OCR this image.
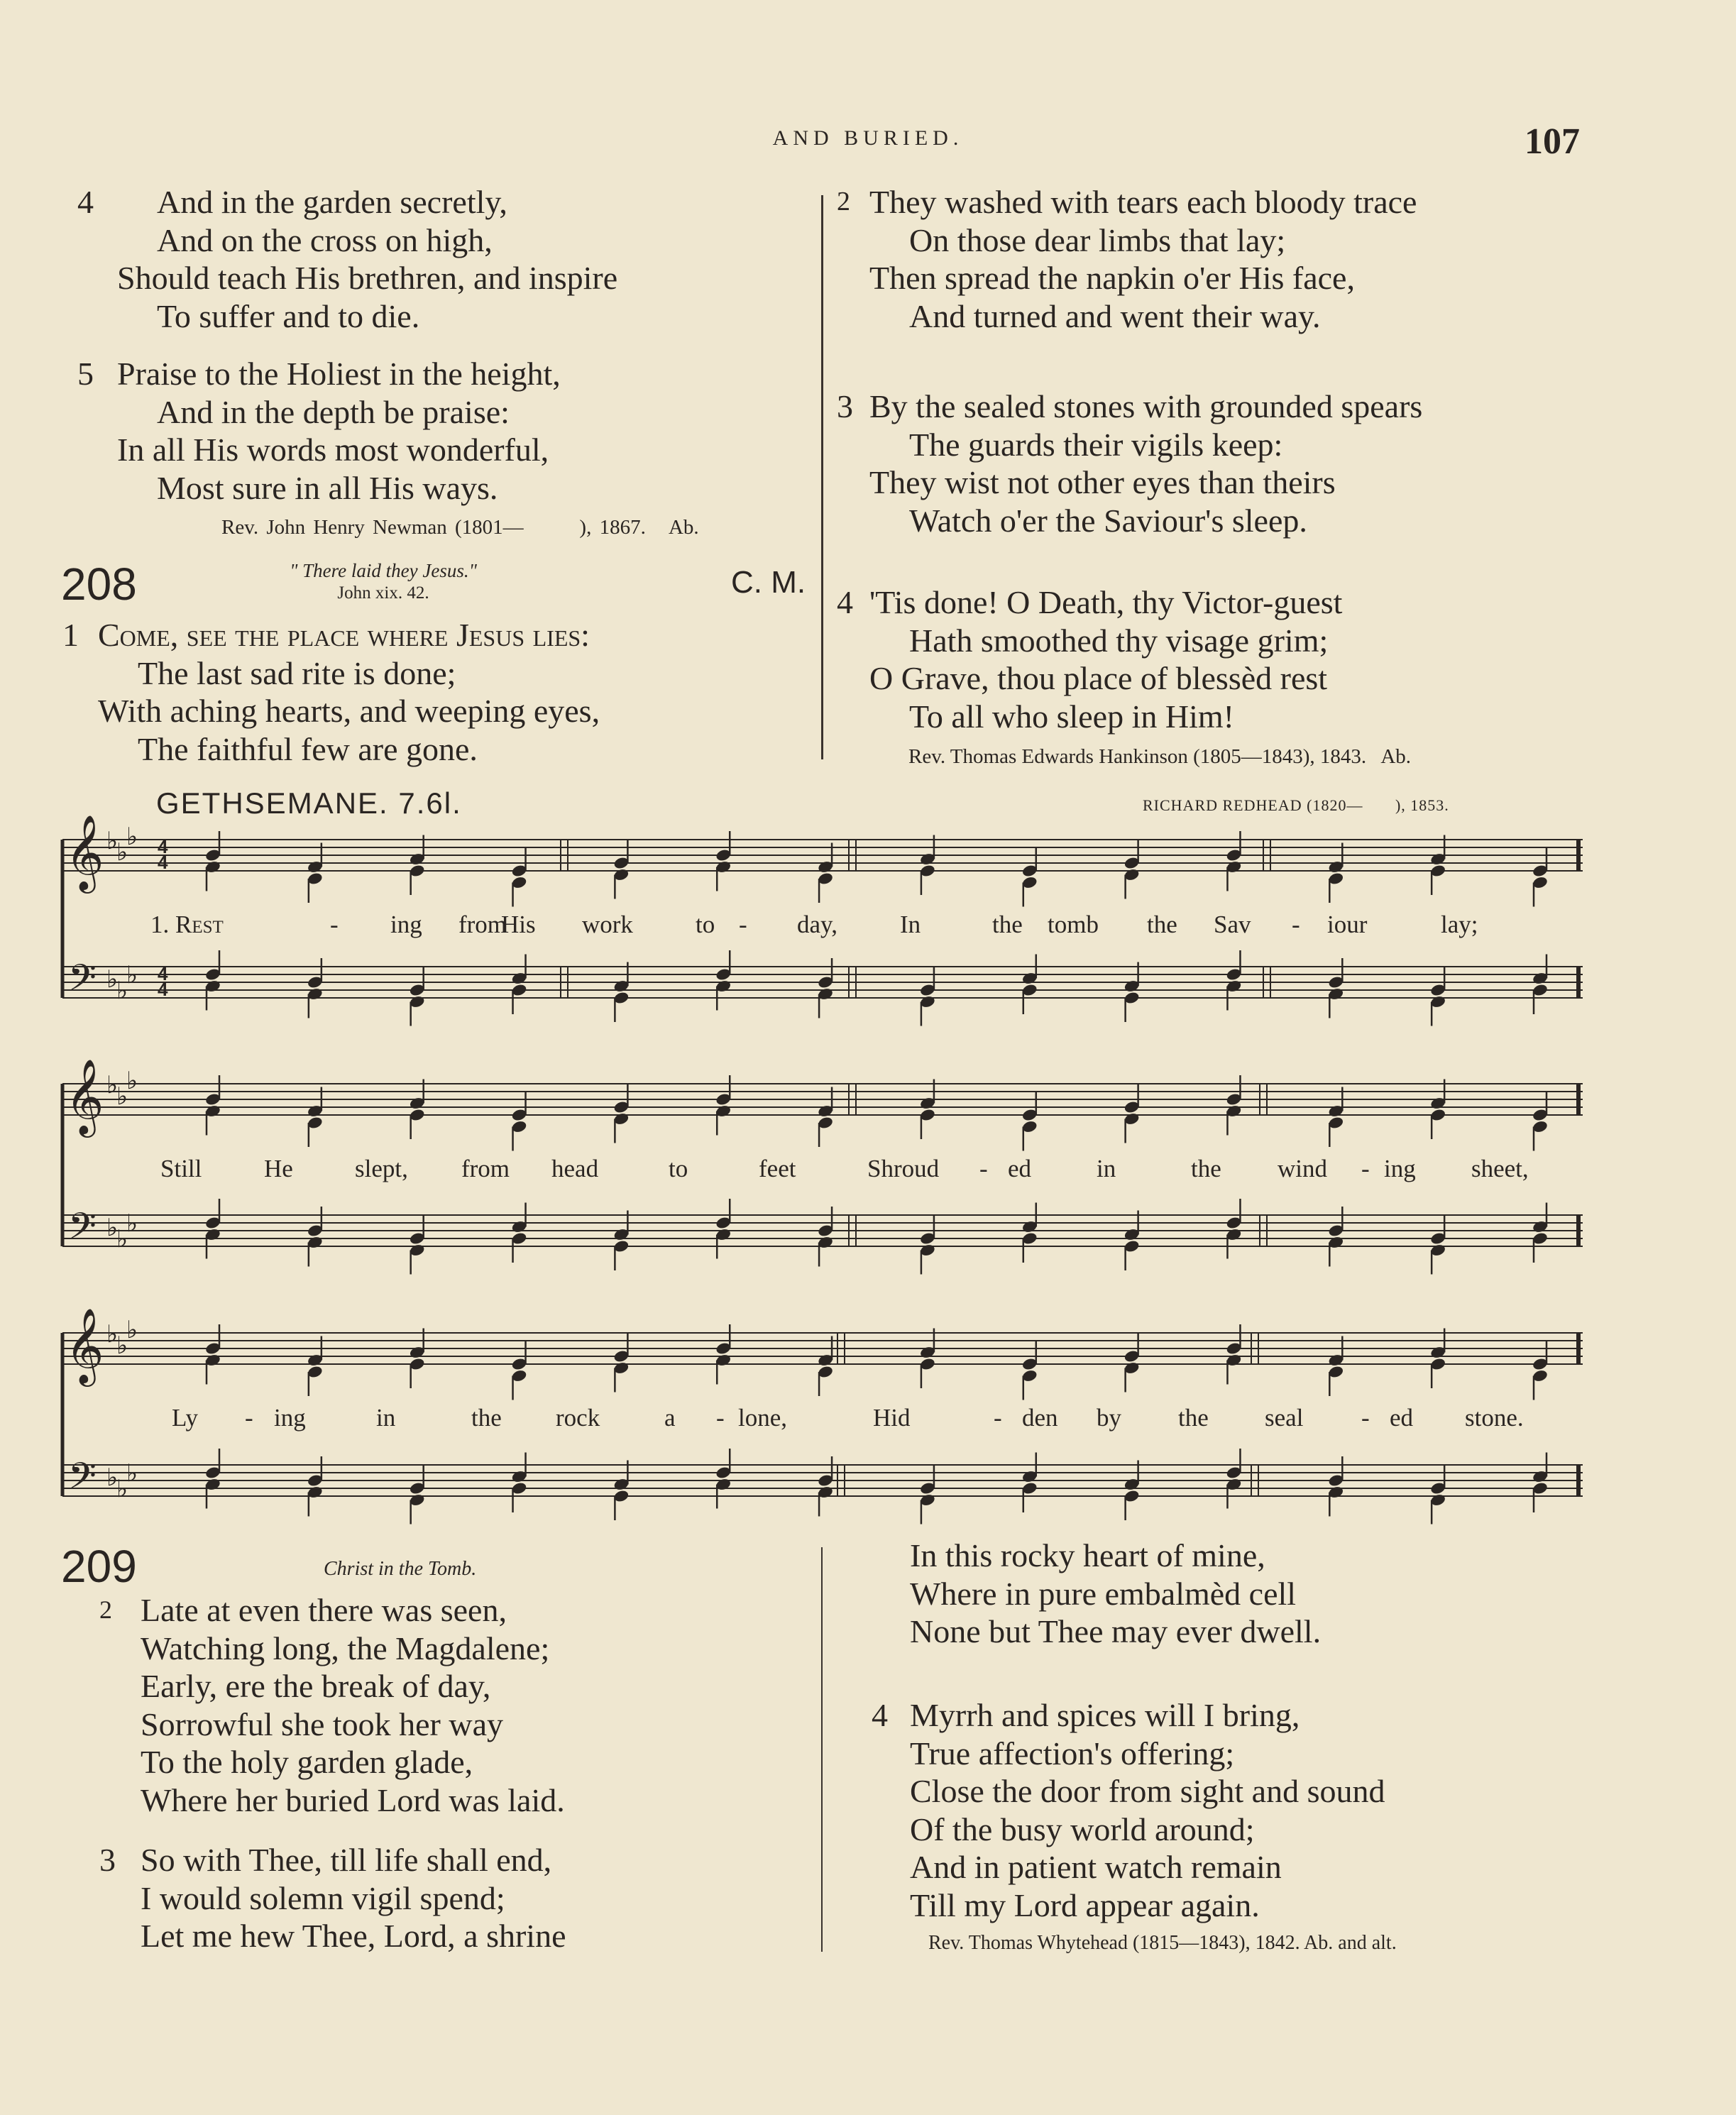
AND BURIED.	107
4	And in the garden secretly,
And on the cross on high,
Should teach His brethren, and inspire
To suffer and to die.
5 Praise to the Holiest in the height,
And in the depth be praise:
In all His words most wonderful,
Most sure in all His ways.
Rev. John Henry Newman (1801—       ), 1867.   Ab.
208	" There laid they Jesus."
John xix. 42.	C. M.
1 Come, see the place where Jesus lies:
The last sad rite is done;
With aching hearts, and weeping eyes,
The faithful few are gone.
2 They washed with tears each bloody trace
On those dear limbs that lay;
Then spread the napkin o'er His face,
And turned and went their way.
3 By the sealed stones with grounded spears
The guards their vigils keep:
They wist not other eyes than theirs
Watch o'er the Saviour's sleep.
4 'Tis done! O Death, thy Victor-guest
Hath smoothed thy visage grim;
O Grave, thou place of blessèd rest
To all who sleep in Him!
Rev. Thomas Edwards Hankinson (1805—1843), 1843.   Ab.
GETHSEMANE. 7.6l.	RICHARD REDHEAD (1820—       ), 1853.
𝄞
𝄢
♭
♭
♭
♭
♭
♭
4
4
4
4
𝄞
𝄢
♭
♭
♭
♭
♭
♭
𝄞
𝄢
♭
♭
♭
♭
♭
♭
1. Rest	- ing from
His work	to - day,	In	the tomb the Sav - iour	lay;
Still	He slept, from head	to	feet	Shroud - ed	in	the wind - ing sheet,
Ly - ing	in	the rock	a - lone,	Hid	- den by the seal - ed stone.
209	Christ in the Tomb.
2 Late at even there was seen,
Watching long, the Magdalene;
Early, ere the break of day,
Sorrowful she took her way
To the holy garden glade,
Where her buried Lord was laid.
3 So with Thee, till life shall end,
I would solemn vigil spend;
Let me hew Thee, Lord, a shrine
In this rocky heart of mine,
Where in pure embalmèd cell
None but Thee may ever dwell.
4 Myrrh and spices will I bring,
True affection's offering;
Close the door from sight and sound
Of the busy world around;
And in patient watch remain
Till my Lord appear again.
Rev. Thomas Whytehead (1815—1843), 1842. Ab. and alt.
